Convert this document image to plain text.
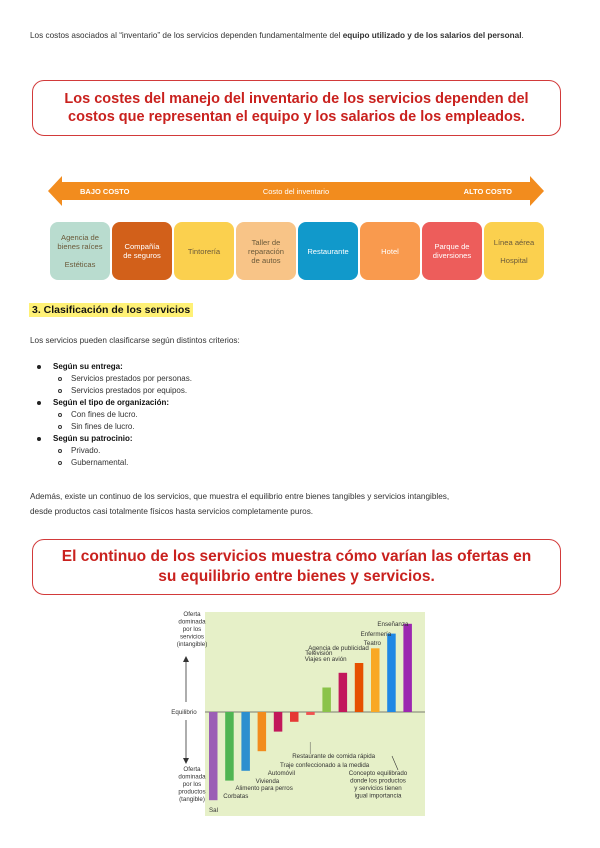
Los costos asociados al “inventario” de los servicios dependen fundamentalmente del equipo utilizado y de los salarios del personal.
Los costes del manejo del inventario de los servicios dependen del
costos que representan el equipo y los salarios de los empleados.
BAJO COSTO	Costo del inventario	ALTO COSTO
Agencia de
bienes raíces

Estéticas
Compañía
de seguros	Tintorería
Taller de
reparación
de autos
Restaurante	Hotel	Parque de
diversiones
Línea aérea

Hospital
3. Clasificación de los servicios
Los servicios pueden clasificarse según distintos criterios:
Según su entrega:
Servicios prestados por personas.
Servicios prestados por equipos.
Según el tipo de organización:
Con fines de lucro.
Sin fines de lucro.
Según su patrocinio:
Privado.
Gubernamental.
Además, existe un continuo de los servicios, que muestra el equilibrio entre bienes tangibles y servicios intangibles,
desde productos casi totalmente físicos hasta servicios completamente puros.
El continuo de los servicios muestra cómo varían las ofertas en
su equilibrio entre bienes y servicios.
Oferta
dominada
por los
servicios
(intangible)
Equilibrio
Oferta
dominada
por los
productos
(tangible)
Sal
Corbatas
Alimento para perros
Vivienda
Automóvil
Traje confeccionado a la medida
Restaurante de comida rápida
Televisión
Viajes en avión
Agencia de publicidad
Teatro
Enfermería
Enseñanza
Concepto equilibrado
donde los productos
y servicios tienen
igual importancia
